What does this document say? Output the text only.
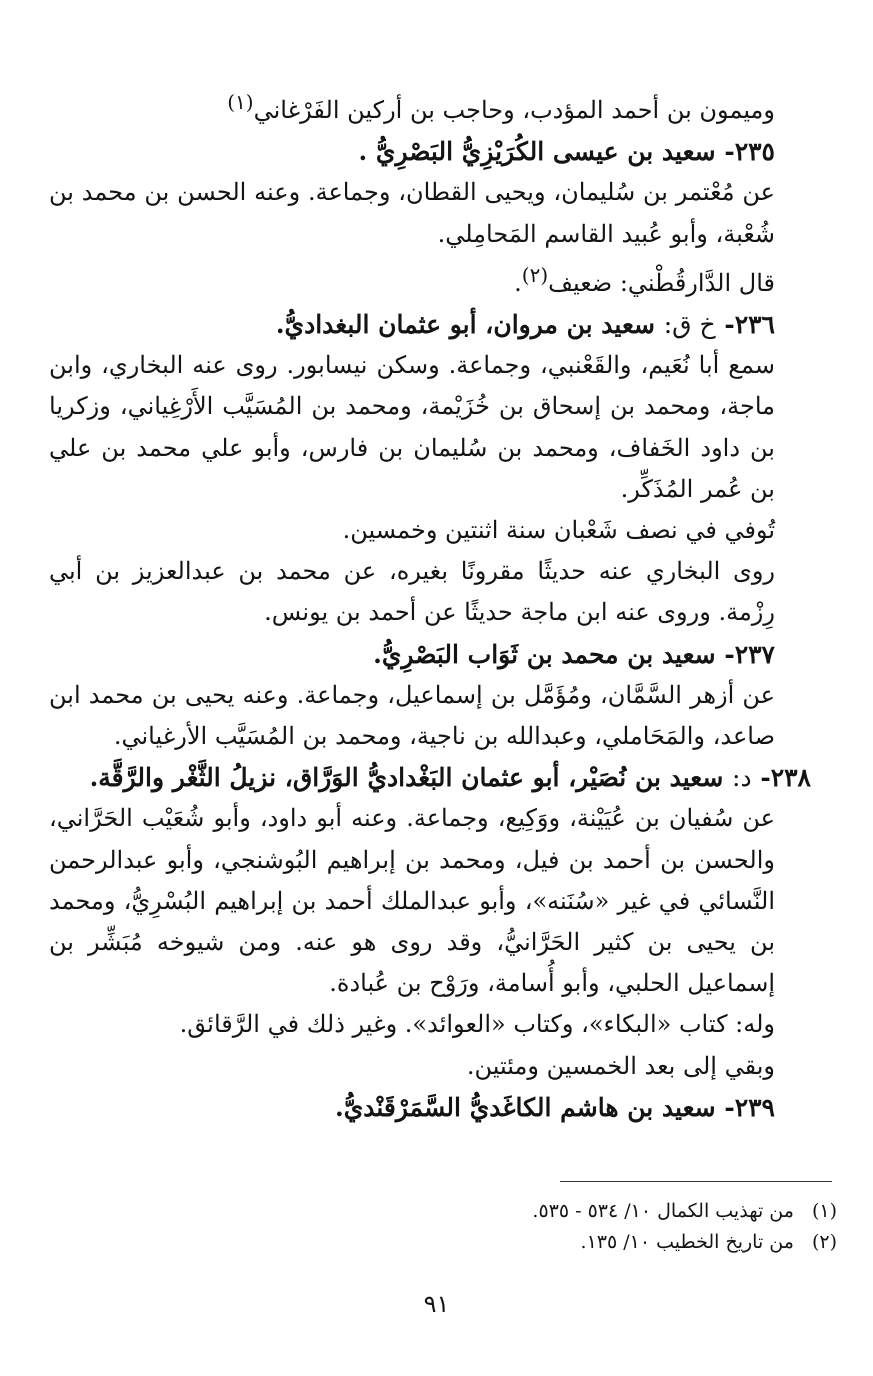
وميمون بن أحمد المؤدب، وحاجب بن أركين الفَرْغاني$^{(١)}$

٢٣٥- سعيد بن عيسى الكُرَيْزِيُّ البَصْرِيُّ .

عن مُعْتمر بن سُليمان، ويحيى القطان، وجماعة. وعنه الحسن بن محمد بن شُعْبة، وأبو عُبيد القاسم المَحامِلي.

قال الدَّارقُطْني: ضعيف$^{(٢)}$.

٢٣٦- خ ق: سعيد بن مروان، أبو عثمان البغداديُّ.

سمع أبا نُعَيم، والقَعْنبي، وجماعة. وسكن نيسابور. روى عنه البخاري، وابن ماجة، ومحمد بن إسحاق بن خُزَيْمة، ومحمد بن المُسَيَّب الأَرْغِياني، وزكريا بن داود الخَفاف، ومحمد بن سُليمان بن فارس، وأبو علي محمد بن علي بن عُمر المُذَكِّر.

تُوفي في نصف شَعْبان سنة اثنتين وخمسين.

روى البخاري عنه حديثًا مقرونًا بغيره، عن محمد بن عبدالعزيز بن أبي رِزْمة. وروى عنه ابن ماجة حديثًا عن أحمد بن يونس.

٢٣٧- سعيد بن محمد بن ثَوَاب البَصْرِيُّ.

عن أزهر السَّمَّان، ومُؤَمَّل بن إسماعيل، وجماعة. وعنه يحيى بن محمد ابن صاعد، والمَحَاملي، وعبدالله بن ناجية، ومحمد بن المُسَيَّب الأرغياني.

٢٣٨- د: سعيد بن نُصَيْر، أبو عثمان البَغْداديُّ الوَرَّاق، نزيلُ الثَّغْر والرَّقَّة.

عن سُفيان بن عُيَيْنة، ووَكِيع، وجماعة. وعنه أبو داود، وأبو شُعَيْب الحَرَّاني، والحسن بن أحمد بن فيل، ومحمد بن إبراهيم البُوشنجي، وأبو عبدالرحمن النَّسائي في غير «سُنَنه»، وأبو عبدالملك أحمد بن إبراهيم البُسْرِيُّ، ومحمد بن يحيى بن كثير الحَرَّانيُّ، وقد روى هو عنه. ومن شيوخه مُبَشِّر بن إسماعيل الحلبي، وأبو أُسامة، ورَوْح بن عُبادة.

وله: كتاب «البكاء»، وكتاب «العوائد». وغير ذلك في الرَّقائق.

وبقي إلى بعد الخمسين ومئتين.

٢٣٩- سعيد بن هاشم الكاغَديُّ السَّمَرْقَنْديُّ.

(١)من تهذيب الكمال ١٠/ ٥٣٤ - ٥٣٥.
(٢)من تاريخ الخطيب ١٠/ ١٣٥.
٩١
